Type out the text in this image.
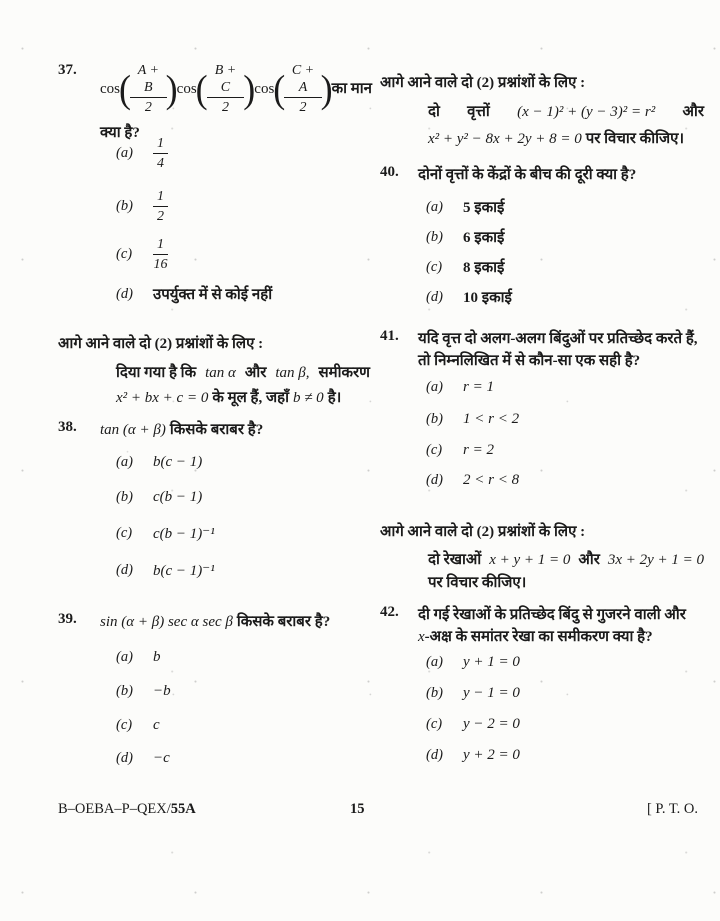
37.
cos ( $\frac{A + B}{2}$ ) cos ( $\frac{B + C}{2}$ ) cos ( $\frac{C + A}{2}$ )
का मान
क्या है?
(a)	$\frac{1}{4}$
(b)	$\frac{1}{2}$
(c)	$\frac{1}{16}$
(d)	उपर्युक्त में से कोई नहीं
आगे आने वाले दो (2) प्रश्नांशों के लिए :
दिया गया है कि tan α और tan β, समीकरण
x² + bx + c = 0 के मूल हैं, जहाँ b ≠ 0 है।
38.	tan (α + β) किसके बराबर है?
(a)	b(c − 1)
(b)	c(b − 1)
(c)	c(b − 1)⁻¹
(d)	b(c − 1)⁻¹
39.	sin (α + β) sec α sec β किसके बराबर है?
(a)	b
(b)	−b
(c)	c
(d)	−c
आगे आने वाले दो (2) प्रश्नांशों के लिए :
दो वृत्तों (x − 1)² + (y − 3)² = r² और
x² + y² − 8x + 2y + 8 = 0 पर विचार कीजिए।
40.	दोनों वृत्तों के केंद्रों के बीच की दूरी क्या है?
(a)	5 इकाई
(b)	6 इकाई
(c)	8 इकाई
(d)	10 इकाई
41.	यदि वृत्त दो अलग-अलग बिंदुओं पर प्रतिच्छेद करते हैं,
तो निम्नलिखित में से कौन-सा एक सही है?
(a)	r = 1
(b)	1 < r < 2
(c)	r = 2
(d)	2 < r < 8
आगे आने वाले दो (2) प्रश्नांशों के लिए :
दो रेखाओं x + y + 1 = 0 और 3x + 2y + 1 = 0
पर विचार कीजिए।
42.	दी गई रेखाओं के प्रतिच्छेद बिंदु से गुजरने वाली और
x-अक्ष के समांतर रेखा का समीकरण क्या है?
(a)	y + 1 = 0
(b)	y − 1 = 0
(c)	y − 2 = 0
(d)	y + 2 = 0
B–OEBA–P–QEX/55A	15	[ P. T. O.
